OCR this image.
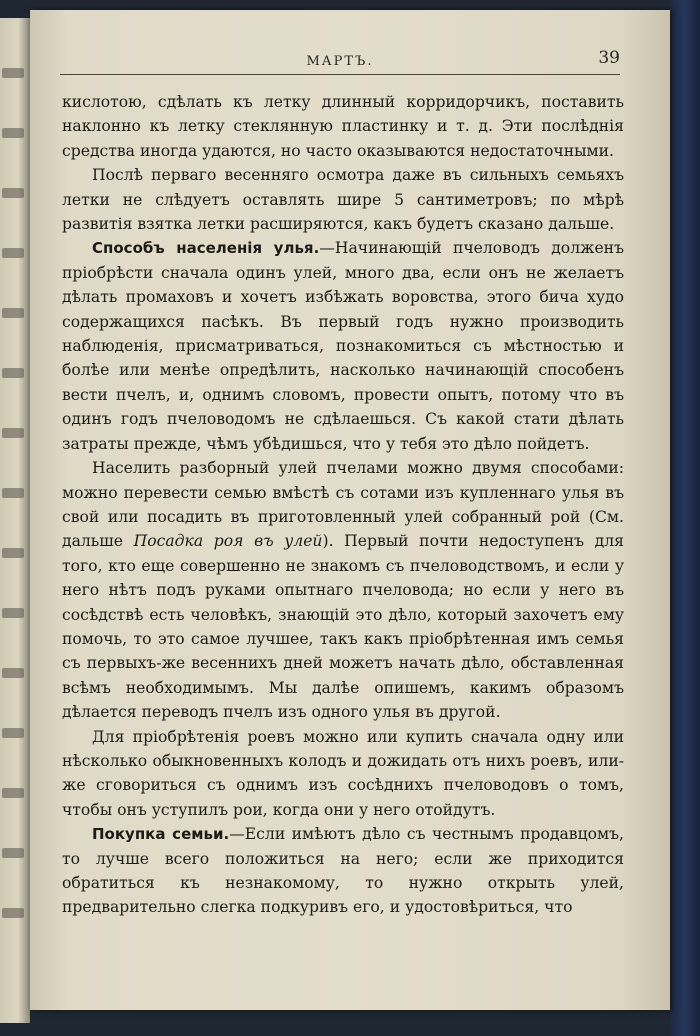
МАРТЪ.	39

кислотою, сдѣлать къ летку длинный корридорчикъ, поставить наклонно къ летку стеклянную пластинку и т. д. Эти послѣднія средства иногда удаются, но часто оказываются недостаточными.

Послѣ перваго весенняго осмотра даже въ сильныхъ семьяхъ летки не слѣдуетъ оставлять шире 5 сантиметровъ; по мѣрѣ развитія взятка летки расширяются, какъ будетъ сказано дальше.

Способъ населенія улья.—Начинающій пчеловодъ долженъ пріобрѣсти сначала одинъ улей, много два, если онъ не желаетъ дѣлать промаховъ и хочетъ избѣжать воровства, этого бича худо содержащихся пасѣкъ. Въ первый годъ нужно производить наблюденія, присматриваться, познакомиться съ мѣстностью и болѣе или менѣе опредѣлить, насколько начинающій способенъ вести пчелъ, и, однимъ словомъ, провести опытъ, потому что въ одинъ годъ пчеловодомъ не сдѣлаешься. Съ какой стати дѣлать затраты прежде, чѣмъ убѣдишься, что у тебя это дѣло пойдетъ.

Населить разборный улей пчелами можно двумя способами: можно перевести семью вмѣстѣ съ сотами изъ купленнаго улья въ свой или посадить въ приготовленный улей собранный рой (См. дальше Посадка роя въ улей). Первый почти недоступенъ для того, кто еще совершенно не знакомъ съ пчеловодствомъ, и если у него нѣтъ подъ руками опытнаго пчеловода; но если у него въ сосѣдствѣ есть человѣкъ, знающій это дѣло, который захочетъ ему помочь, то это самое лучшее, такъ какъ пріобрѣтенная имъ семья съ первыхъ-же весеннихъ дней можетъ начать дѣло, обставленная всѣмъ необходимымъ. Мы далѣе опишемъ, какимъ образомъ дѣлается переводъ пчелъ изъ одного улья въ другой.

Для пріобрѣтенія роевъ можно или купить сначала одну или нѣсколько обыкновенныхъ колодъ и дожидать отъ нихъ роевъ, или-же сговориться съ однимъ изъ сосѣднихъ пчеловодовъ о томъ, чтобы онъ уступилъ рои, когда они у него отойдутъ.

Покупка семьи.—Если имѣютъ дѣло съ честнымъ продавцомъ, то лучше всего положиться на него; если же приходится обратиться къ незнакомому, то нужно открыть улей, предварительно слегка подкуривъ его, и удостовѣриться, что
